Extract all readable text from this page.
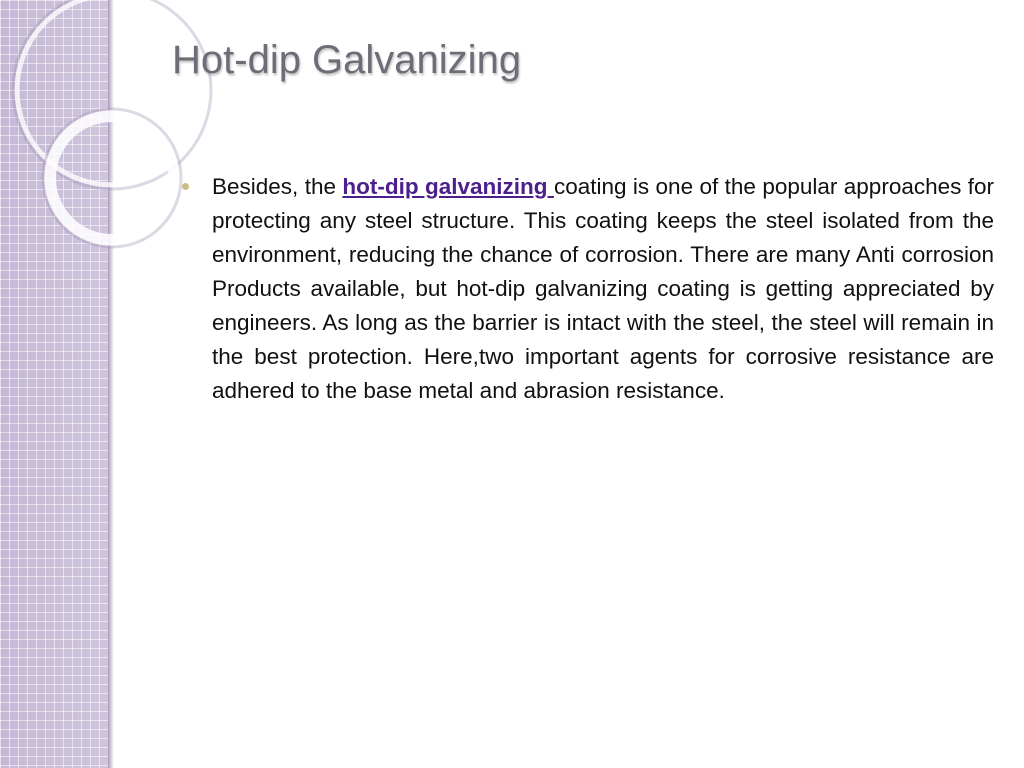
Hot-dip Galvanizing

Besides, the hot-dip galvanizing coating is one of the popular approaches for protecting any steel structure. This coating keeps the steel isolated from the environment, reducing the chance of corrosion. There are many Anti corrosion Products available, but hot-dip galvanizing coating is getting appreciated by engineers. As long as the barrier is intact with the steel, the steel will remain in the best protection. Here,two important agents for corrosive resistance are adhered to the base metal and abrasion resistance.
